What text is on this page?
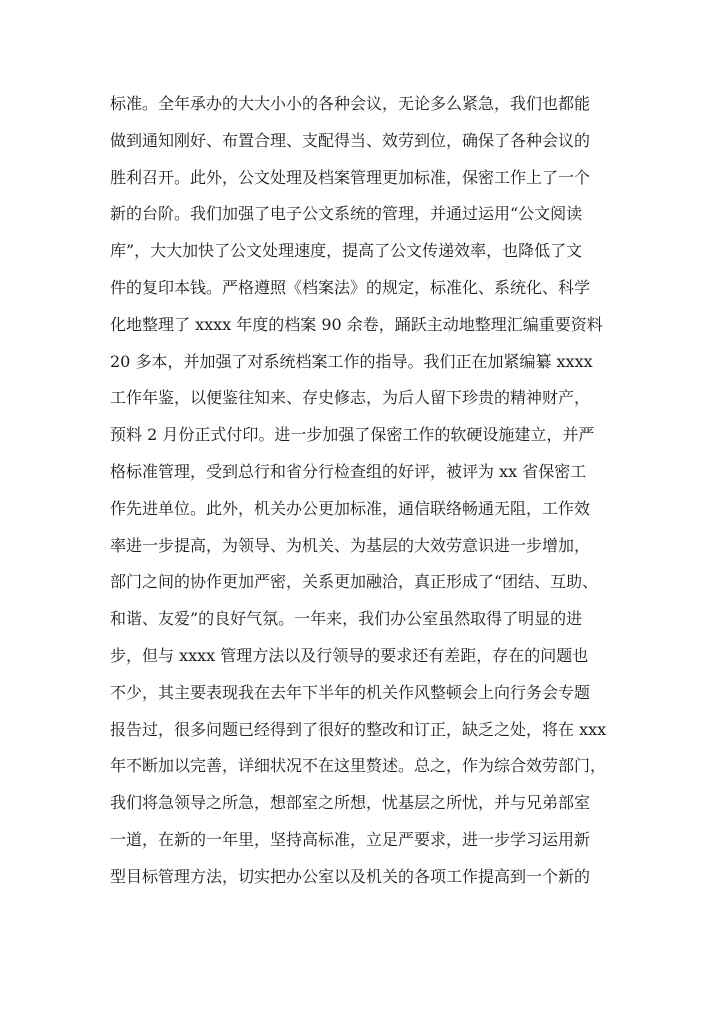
标准。全年承办的大大小小的各种会议，无论多么紧急，我们也都能
做到通知刚好、布置合理、支配得当、效劳到位，确保了各种会议的
胜利召开。此外，公文处理及档案管理更加标准，保密工作上了一个
新的台阶。我们加强了电子公文系统的管理，并通过运用“公文阅读
库”，大大加快了公文处理速度，提高了公文传递效率，也降低了文
件的复印本钱。严格遵照《档案法》的规定，标准化、系统化、科学
化地整理了 xxxx 年度的档案 90 余卷，踊跃主动地整理汇编重要资料
20 多本，并加强了对系统档案工作的指导。我们正在加紧编纂 xxxx
工作年鉴，以便鉴往知来、存史修志，为后人留下珍贵的精神财产，
预料 2 月份正式付印。进一步加强了保密工作的软硬设施建立，并严
格标准管理，受到总行和省分行检查组的好评，被评为 xx 省保密工
作先进单位。此外，机关办公更加标准，通信联络畅通无阻，工作效
率进一步提高，为领导、为机关、为基层的大效劳意识进一步增加，
部门之间的协作更加严密，关系更加融洽，真正形成了“团结、互助、
和谐、友爱”的良好气氛。一年来，我们办公室虽然取得了明显的进
步，但与 xxxx 管理方法以及行领导的要求还有差距，存在的问题也
不少，其主要表现我在去年下半年的机关作风整顿会上向行务会专题
报告过，很多问题已经得到了很好的整改和订正，缺乏之处，将在 xxx
年不断加以完善，详细状况不在这里赘述。总之，作为综合效劳部门，
我们将急领导之所急，想部室之所想，忧基层之所忧，并与兄弟部室
一道，在新的一年里，坚持高标准，立足严要求，进一步学习运用新
型目标管理方法，切实把办公室以及机关的各项工作提高到一个新的
